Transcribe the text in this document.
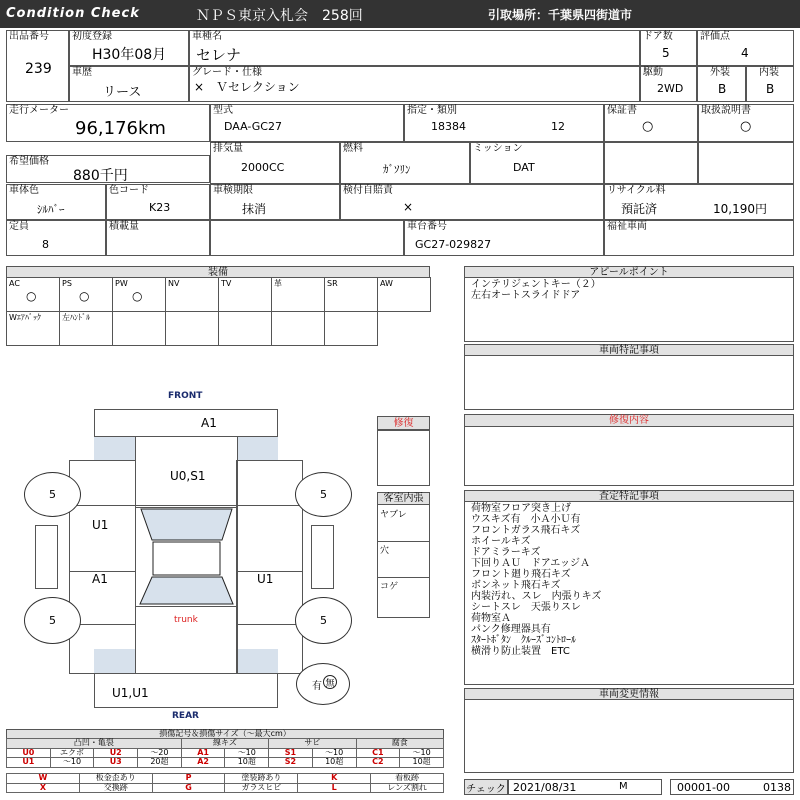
Condition Check	ＮＰＳ東京入札会　258回	引取場所：千葉県四街道市
出品番号
239
初度登録
H30年08月
車種名
セレナ
ドア数
5
評価点
4
車歴
リース
グレード・仕様
×　Ｖセレクション
駆動
2WD
外装
B
内装
B
走行メーター
96,176km
型式
DAA-GC27
指定・類別
18384	12
保証書
○
取扱説明書
○
希望価格
880千円
排気量
2000CC
燃料
ｶﾞｿﾘﾝ
ミッション
DAT
車体色
ｼﾙﾊﾞｰ
色コード
K23
車検期限
抹消
検付自賠責
×
リサイクル料
預託済	10,190円
定員
8
積載量	車台番号
GC27-029827
福祉車両
装備
AC
○
PS
○
PW
○
NV	TV	革	SR	AW
Wｴｱﾊﾞｯｸ	左ﾊﾝﾄﾞﾙ
アピールポイント
インテリジェントキー（２）
左右オートスライドドア
車両特記事項
修復内容
査定特記事項
荷物室フロア突き上げ
ウスキズ有　小Ａ小Ｕ有
フロントガラス飛石キズ
ホイールキズ
ドアミラーキズ
下回りＡＵ　ドアエッジＡ
フロント廻り飛石キズ
ボンネット飛石キズ
内装汚れ、スレ　内張りキズ
シートスレ　天張りスレ
荷物室Ａ
パンク修理器具有
ｽﾀｰﾄﾎﾞﾀﾝ　ｸﾙｰｽﾞｺﾝﾄﾛｰﾙ
横滑り防止装置　ETC
車両変更情報
チェック 2021/08/31	M	00001-00	0138
修復
客室内張
ヤブレ
穴
コゲ
FRONT
REAR
A1
U0,S1
U1
A1	U1
trunk
U1,U1
5	5
5	5
有 無
損傷記号＆損傷サイズ（～最大cm）
凸凹・亀裂				線キズ		サビ		腐食	
U0	エクボ	U2	～20	A1	～10	S1	～10	C1	～10
U1	～10	U3	20超	A2	10超	S2	10超	C2	10超
W	板金歪あり	P	塗装跡あり	K	看板跡
X	交換跡	G	ガラスヒビ	L	レンズ割れ
